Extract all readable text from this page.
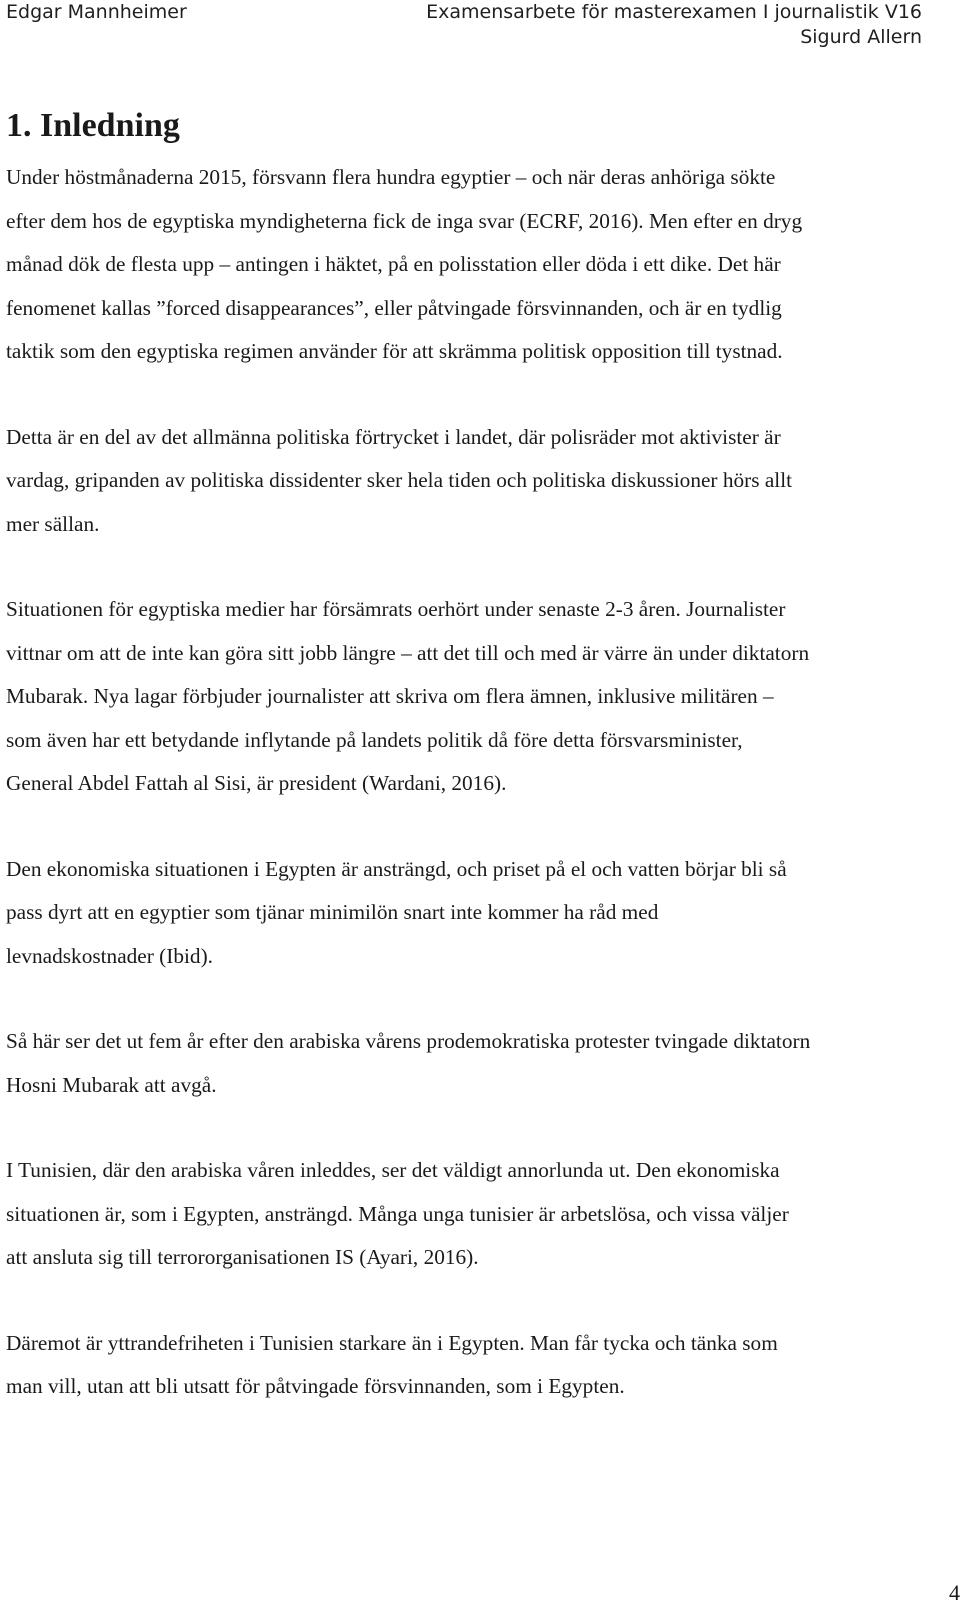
Edgar Mannheimer	Examensarbete för masterexamen I journalistik V16
Sigurd Allern
1. Inledning

Under höstmånaderna 2015, försvann flera hundra egyptier – och när deras anhöriga sökte
efter dem hos de egyptiska myndigheterna fick de inga svar (ECRF, 2016). Men efter en dryg
månad dök de flesta upp – antingen i häktet, på en polisstation eller döda i ett dike. Det här
fenomenet kallas ”forced disappearances”, eller påtvingade försvinnanden, och är en tydlig
taktik som den egyptiska regimen använder för att skrämma politisk opposition till tystnad.

Detta är en del av det allmänna politiska förtrycket i landet, där polisräder mot aktivister är
vardag, gripanden av politiska dissidenter sker hela tiden och politiska diskussioner hörs allt
mer sällan.

Situationen för egyptiska medier har försämrats oerhört under senaste 2-3 åren. Journalister
vittnar om att de inte kan göra sitt jobb längre – att det till och med är värre än under diktatorn
Mubarak. Nya lagar förbjuder journalister att skriva om flera ämnen, inklusive militären –
som även har ett betydande inflytande på landets politik då före detta försvarsminister,
General Abdel Fattah al Sisi, är president (Wardani, 2016).

Den ekonomiska situationen i Egypten är ansträngd, och priset på el och vatten börjar bli så
pass dyrt att en egyptier som tjänar minimilön snart inte kommer ha råd med
levnadskostnader (Ibid).

Så här ser det ut fem år efter den arabiska vårens prodemokratiska protester tvingade diktatorn
Hosni Mubarak att avgå.

I Tunisien, där den arabiska våren inleddes, ser det väldigt annorlunda ut. Den ekonomiska
situationen är, som i Egypten, ansträngd. Många unga tunisier är arbetslösa, och vissa väljer
att ansluta sig till terrororganisationen IS (Ayari, 2016).

Däremot är yttrandefriheten i Tunisien starkare än i Egypten. Man får tycka och tänka som
man vill, utan att bli utsatt för påtvingade försvinnanden, som i Egypten.

4
